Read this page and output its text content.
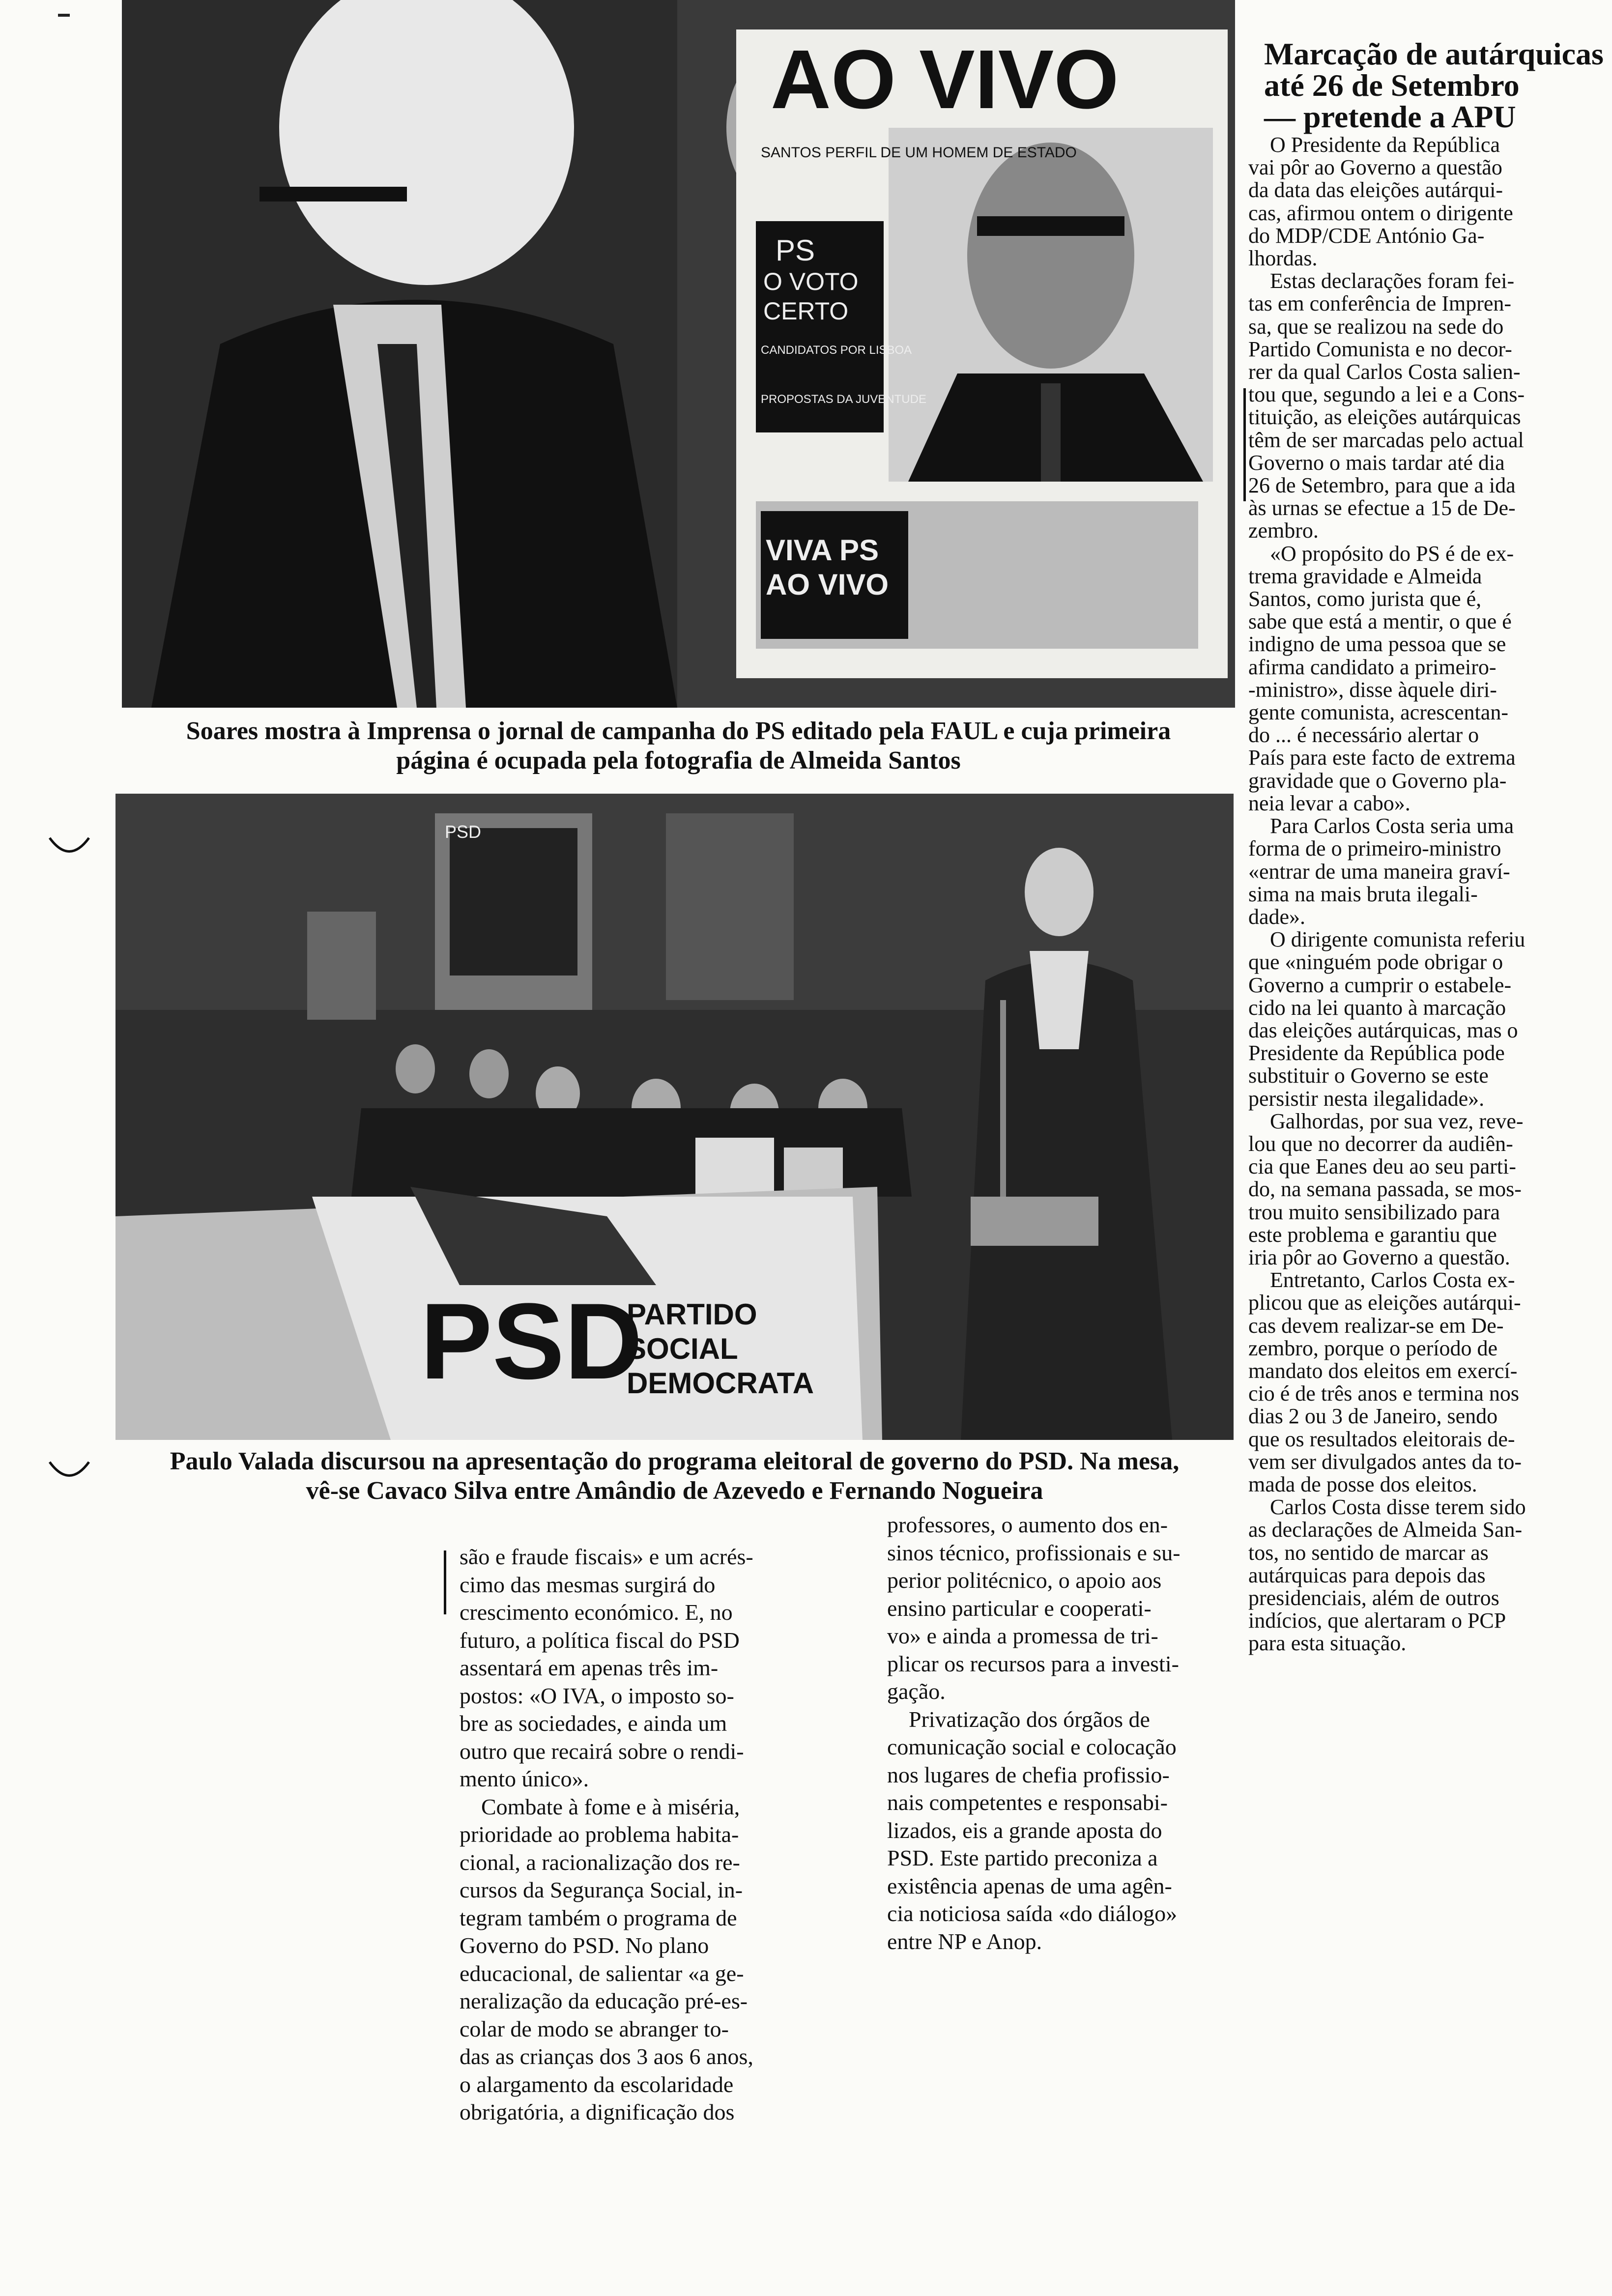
AO VIVO
SANTOS PERFIL DE UM HOMEM DE ESTADO
PS
O VOTO
CERTO
CANDIDATOS POR LISBOA
PROPOSTAS DA JUVENTUDE
VIVA PS
AO VIVO
Soares mostra à Imprensa o jornal de campanha do PS editado pela FAUL e cuja primeira
página é ocupada pela fotografia de Almeida Santos
PSD
PSD
PARTIDO
SOCIAL
DEMOCRATA
Paulo Valada discursou na apresentação do programa eleitoral de governo do PSD. Na mesa,
vê-se Cavaco Silva entre Amândio de Azevedo e Fernando Nogueira

são e fraude fiscais» e um acrés-

cimo das mesmas surgirá do

crescimento económico. E, no

futuro, a política fiscal do PSD

assentará em apenas três im-

postos: «O IVA, o imposto so-

bre as sociedades, e ainda um

outro que recairá sobre o rendi-

mento único».

Combate à fome e à miséria,

prioridade ao problema habita-

cional, a racionalização dos re-

cursos da Segurança Social, in-

tegram também o programa de

Governo do PSD. No plano

educacional, de salientar «a ge-

neralização da educação pré-es-

colar de modo se abranger to-

das as crianças dos 3 aos 6 anos,

o alargamento da escolaridade

obrigatória, a dignificação dos

professores, o aumento dos en-

sinos técnico, profissionais e su-

perior politécnico, o apoio aos

ensino particular e cooperati-

vo» e ainda a promessa de tri-

plicar os recursos para a investi-

gação.

Privatização dos órgãos de

comunicação social e colocação

nos lugares de chefia profissio-

nais competentes e responsabi-

lizados, eis a grande aposta do

PSD. Este partido preconiza a

existência apenas de uma agên-

cia noticiosa saída «do diálogo»

entre NP e Anop.

Marcação de autárquicas
até 26 de Setembro
— pretende a APU

O Presidente da República

vai pôr ao Governo a questão

da data das eleições autárqui-

cas, afirmou ontem o dirigente

do MDP/CDE António Ga-

lhordas.

Estas declarações foram fei-

tas em conferência de Impren-

sa, que se realizou na sede do

Partido Comunista e no decor-

rer da qual Carlos Costa salien-

tou que, segundo a lei e a Cons-

tituição, as eleições autárquicas

têm de ser marcadas pelo actual

Governo o mais tardar até dia

26 de Setembro, para que a ida

às urnas se efectue a 15 de De-

zembro.

«O propósito do PS é de ex-

trema gravidade e Almeida

Santos, como jurista que é,

sabe que está a mentir, o que é

indigno de uma pessoa que se

afirma candidato a primeiro-

-ministro», disse àquele diri-

gente comunista, acrescentan-

do ... é necessário alertar o

País para este facto de extrema

gravidade que o Governo pla-

neia levar a cabo».

Para Carlos Costa seria uma

forma de o primeiro-ministro

«entrar de uma maneira graví-

sima na mais bruta ilegali-

dade».

O dirigente comunista referiu

que «ninguém pode obrigar o

Governo a cumprir o estabele-

cido na lei quanto à marcação

das eleições autárquicas, mas o

Presidente da República pode

substituir o Governo se este

persistir nesta ilegalidade».

Galhordas, por sua vez, reve-

lou que no decorrer da audiên-

cia que Eanes deu ao seu parti-

do, na semana passada, se mos-

trou muito sensibilizado para

este problema e garantiu que

iria pôr ao Governo a questão.

Entretanto, Carlos Costa ex-

plicou que as eleições autárqui-

cas devem realizar-se em De-

zembro, porque o período de

mandato dos eleitos em exercí-

cio é de três anos e termina nos

dias 2 ou 3 de Janeiro, sendo

que os resultados eleitorais de-

vem ser divulgados antes da to-

mada de posse dos eleitos.

Carlos Costa disse terem sido

as declarações de Almeida San-

tos, no sentido de marcar as

autárquicas para depois das

presidenciais, além de outros

indícios, que alertaram o PCP

para esta situação.
